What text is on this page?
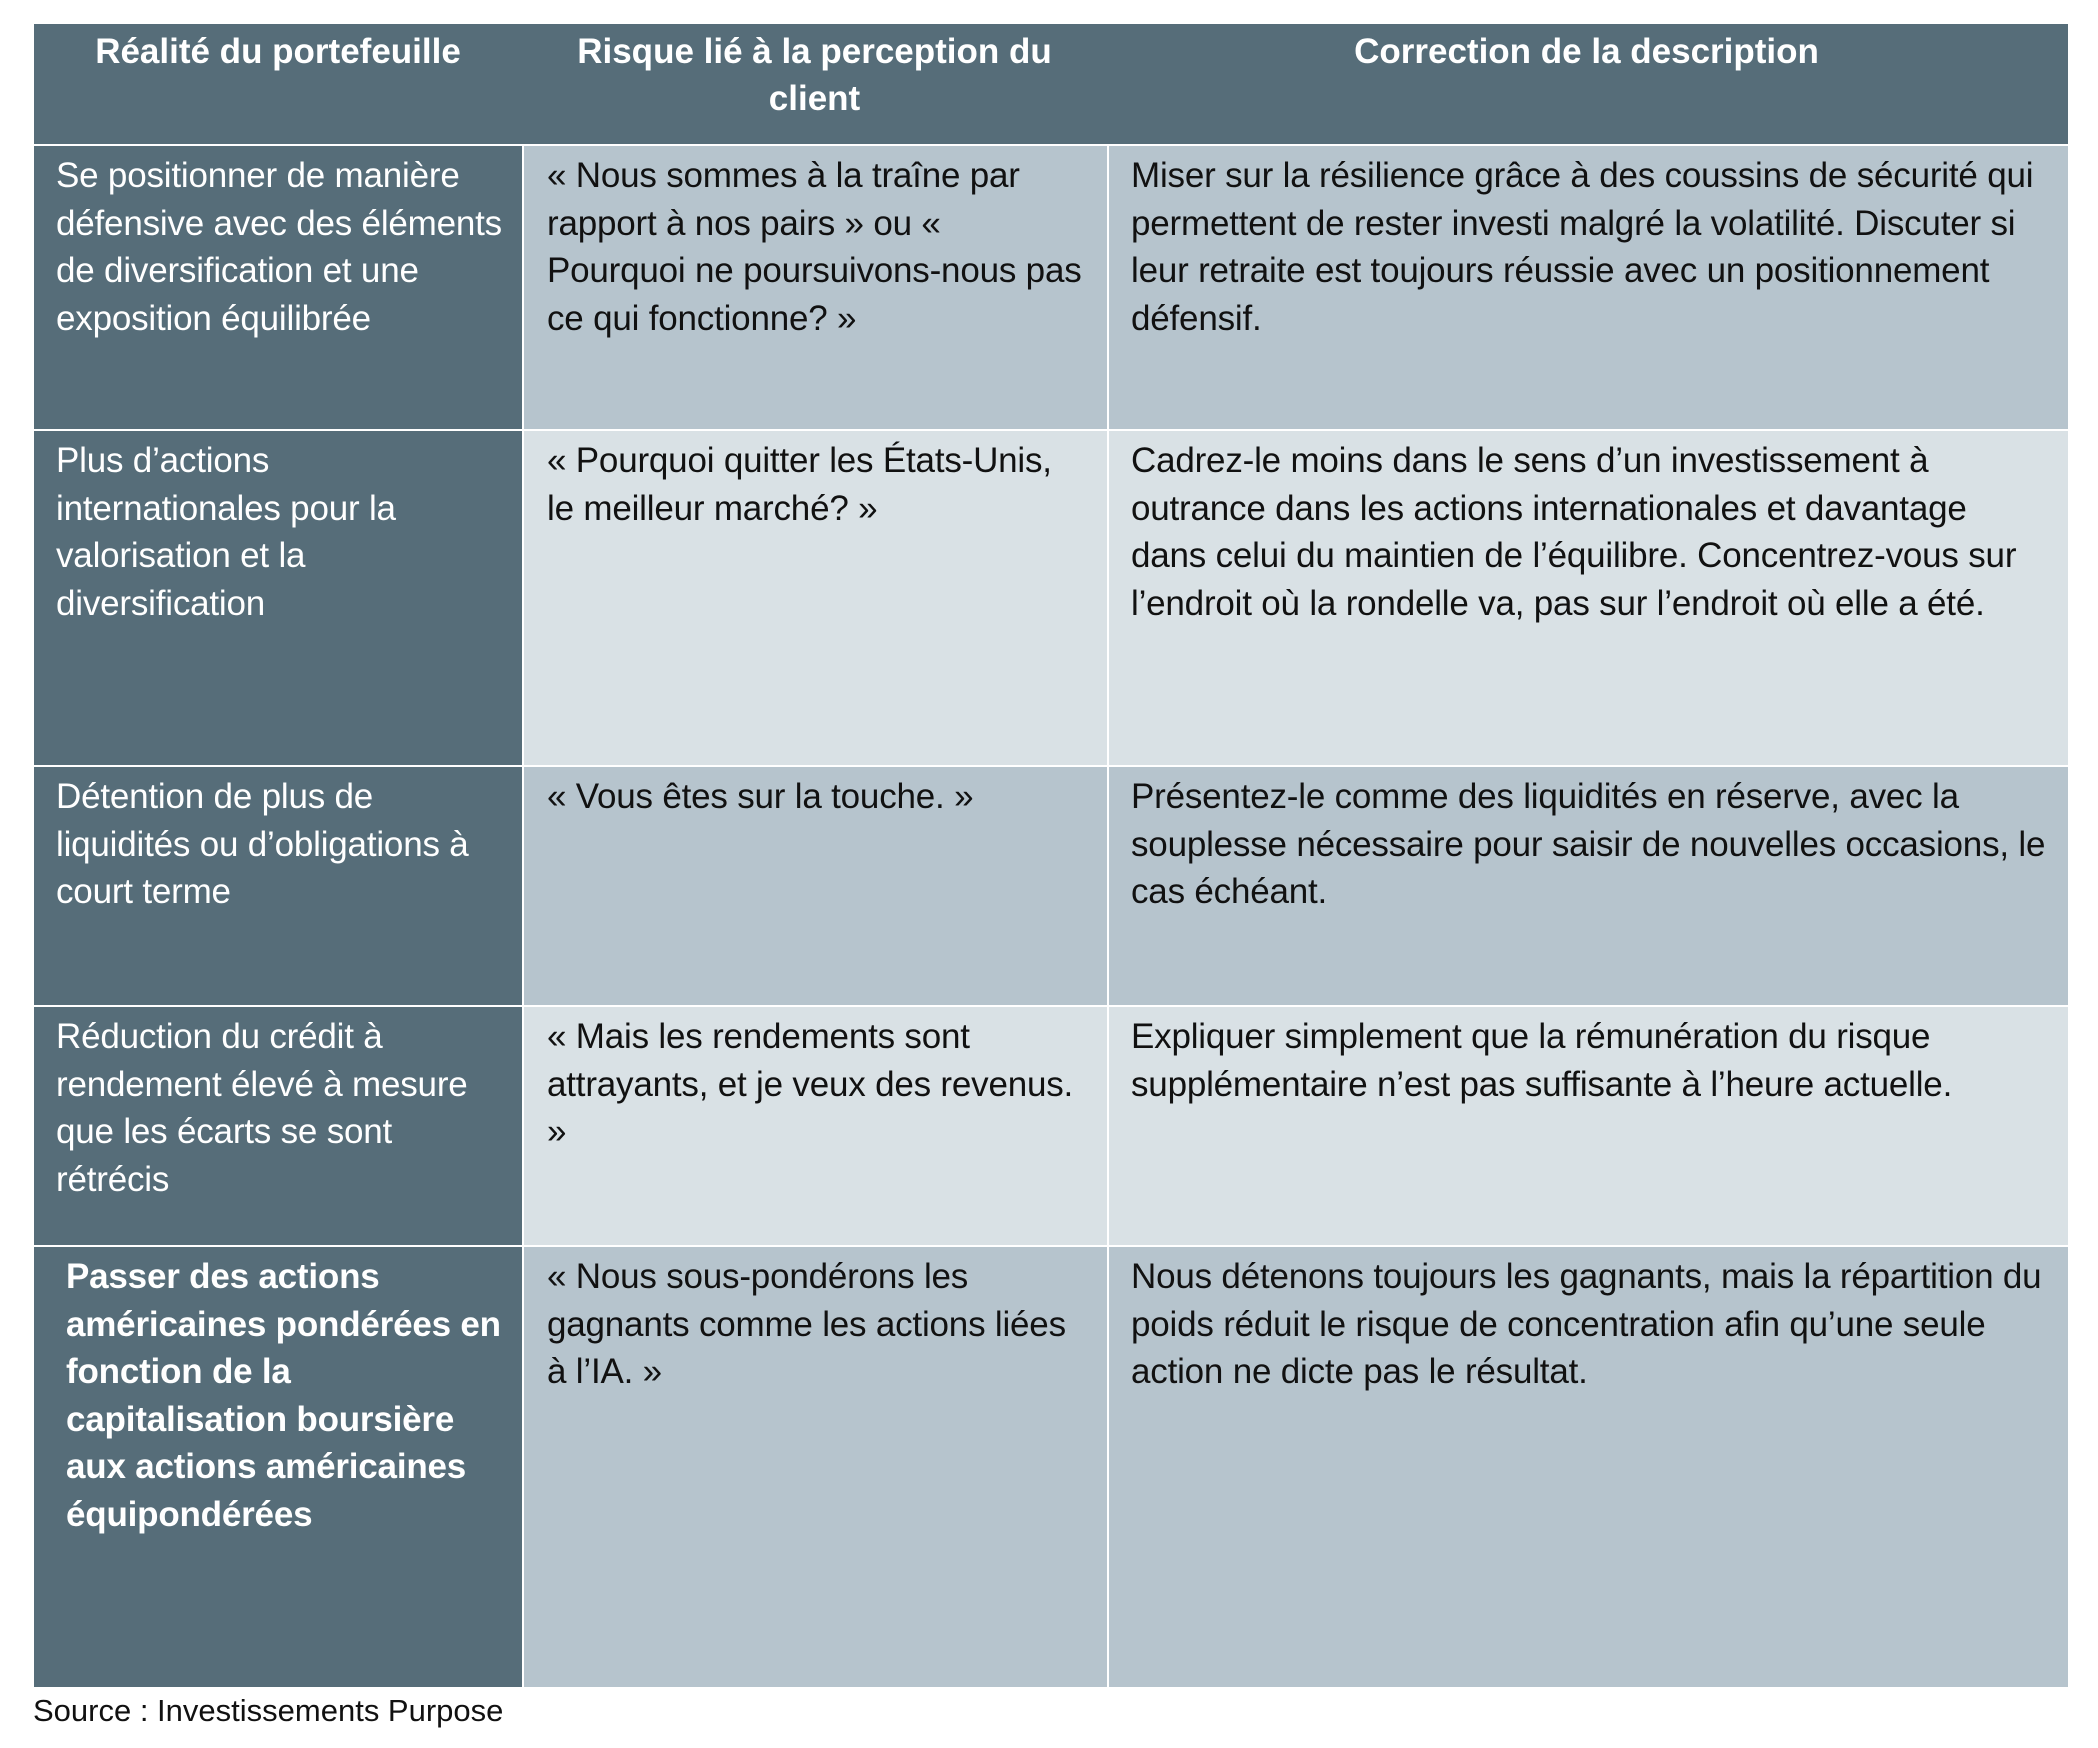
Réalité du portefeuille	Risque lié à la perception du client
Correction de la description
Se positionner de manière défensive avec des éléments de diversification et une exposition équilibrée
« Nous sommes à la traîne par rapport à nos pairs » ou « Pourquoi ne poursuivons-nous pas ce qui fonctionne? »
Miser sur la résilience grâce à des coussins de sécurité qui permettent de rester investi malgré la volatilité. Discuter si leur retraite est toujours réussie avec un positionnement défensif.
Plus d’actions internationales pour la valorisation et la diversification
« Pourquoi quitter les États-Unis, le meilleur marché? »
Cadrez-le moins dans le sens d’un investissement à outrance dans les actions internationales et davantage dans celui du maintien de l’équilibre. Concentrez-vous sur l’endroit où la rondelle va, pas sur l’endroit où elle a été.
Détention de plus de liquidités ou d’obligations à court terme
« Vous êtes sur la touche. »	Présentez-le comme des liquidités en réserve, avec la souplesse nécessaire pour saisir de nouvelles occasions, le cas échéant.
Réduction du crédit à rendement élevé à mesure que les écarts se sont rétrécis
« Mais les rendements sont attrayants, et je veux des revenus. »
Expliquer simplement que la rémunération du risque supplémentaire n’est pas suffisante à l’heure actuelle.
Passer des actions américaines pondérées en fonction de la capitalisation boursière aux actions américaines équipondérées
« Nous sous-pondérons les gagnants comme les actions liées à l’IA. »
Nous détenons toujours les gagnants, mais la répartition du poids réduit le risque de concentration afin qu’une seule action ne dicte pas le résultat.
Source : Investissements Purpose
